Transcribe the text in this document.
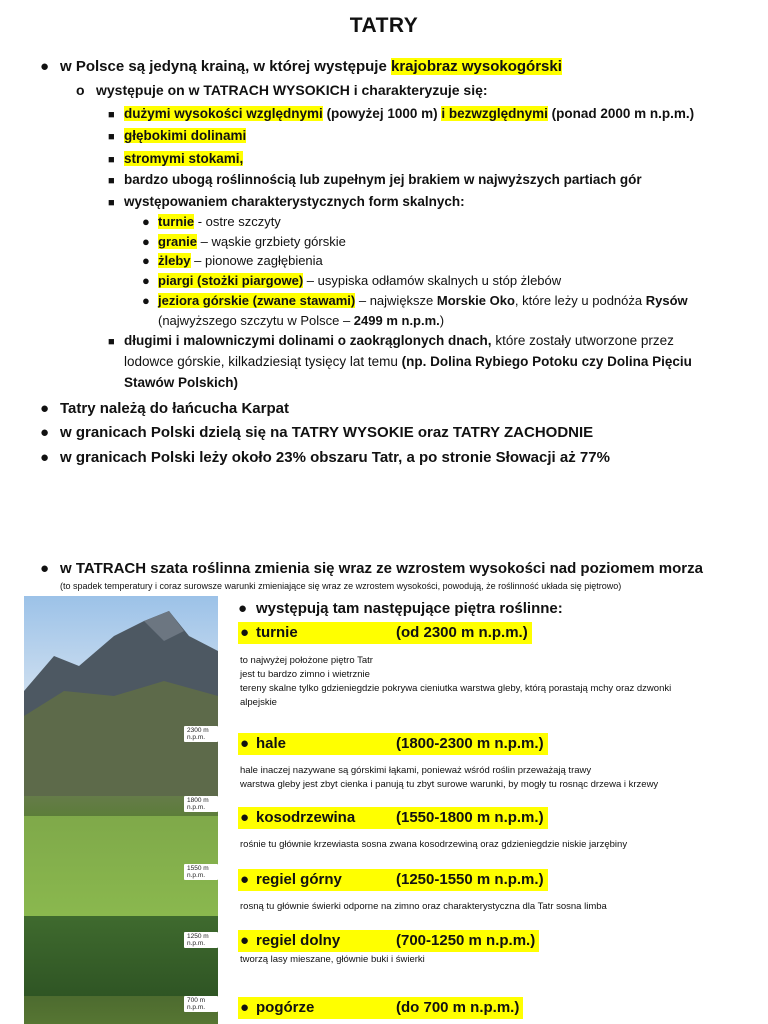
TATRY
● w Polsce są jedyną krainą, w której występuje krajobraz wysokogórski
o występuje on w TATRACH WYSOKICH i charakteryzuje się:
■ dużymi wysokości względnymi (powyżej 1000 m) i bezwzględnymi (ponad 2000 m n.p.m.)
■ głębokimi dolinami
■ stromymi stokami,
■ bardzo ubogą roślinnością lub zupełnym jej brakiem w najwyższych partiach gór
■ występowaniem charakterystycznych form skalnych:
● turnie - ostre szczyty
● granie – wąskie grzbiety górskie
● żleby – pionowe zagłębienia
● piargi (stożki piargowe) – usypiska odłamów skalnych u stóp żlebów
● jeziora górskie (zwane stawami) – największe Morskie Oko, które leży u podnóża Rysów
(najwyższego szczytu w Polsce – 2499 m n.p.m.)
■ długimi i malowniczymi dolinami o zaokrąglonych dnach, które zostały utworzone przez
lodowce górskie, kilkadziesiąt tysięcy lat temu (np. Dolina Rybiego Potoku czy Dolina Pięciu
Stawów Polskich)
● Tatry należą do łańcucha Karpat
● w granicach Polski dzielą się na TATRY WYSOKIE oraz TATRY ZACHODNIE
● w granicach Polski leży około 23% obszaru Tatr, a po stronie Słowacji aż 77%
● w TATRACH szata roślinna zmienia się wraz ze wzrostem wysokości nad poziomem morza
(to spadek temperatury i coraz surowsze warunki zmieniające się wraz ze wzrostem wysokości, powodują, że roślinność układa się piętrowo)
2300 m n.p.m.
1800 m n.p.m.
1550 m n.p.m.
1250 m n.p.m.
700 m n.p.m.
● występują tam następujące piętra roślinne:
● turnie	(od 2300 m n.p.m.)
to najwyżej położone piętro Tatr
jest tu bardzo zimno i wietrznie
tereny skalne tylko gdzieniegdzie pokrywa cieniutka warstwa gleby, którą porastają mchy oraz dzwonki
alpejskie
● hale	(1800-2300 m n.p.m.)
hale inaczej nazywane są górskimi łąkami, ponieważ wśród roślin przeważają trawy
warstwa gleby jest zbyt cienka i panują tu zbyt surowe warunki, by mogły tu rosnąc drzewa i krzewy
● kosodrzewina	(1550-1800 m n.p.m.)
rośnie tu głównie krzewiasta sosna zwana kosodrzewiną oraz gdzieniegdzie niskie jarzębiny
● regiel górny	(1250-1550 m n.p.m.)
rosną tu głównie świerki odporne na zimno oraz charakterystyczna dla Tatr sosna limba
● regiel dolny	(700-1250 m n.p.m.)
tworzą lasy mieszane, głównie buki i świerki
● pogórze	(do 700 m n.p.m.)
